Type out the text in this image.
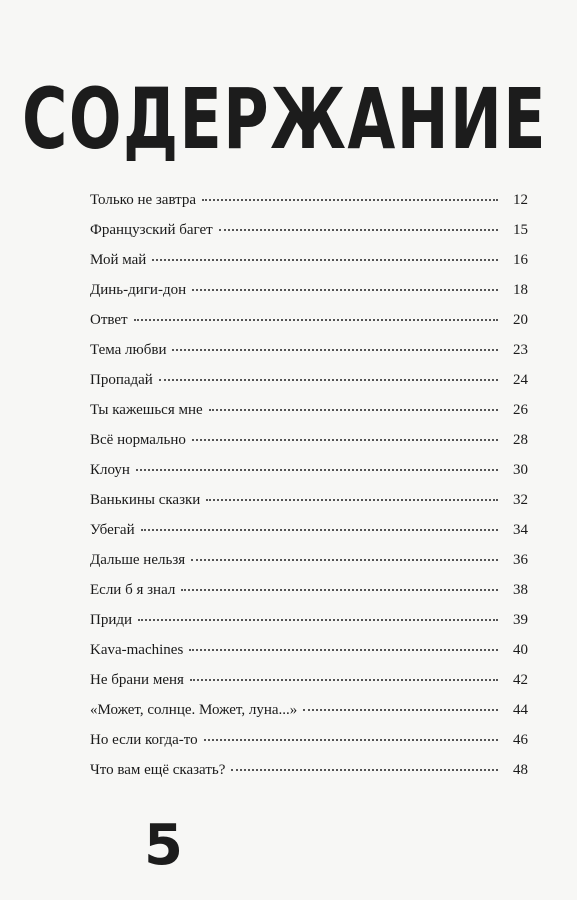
СОДЕРЖАНИЕ
Только не завтра	12
Французский багет	15
Мой май	16
Динь-диги-дон	18
Ответ	20
Тема любви	23
Пропадай	24
Ты кажешься мне	26
Всё нормально	28
Клоун	30
Ванькины сказки	32
Убегай	34
Дальше нельзя	36
Если б я знал	38
Приди	39
Kava-machines	40
Не брани меня	42
«Может, солнце. Может, луна...»	44
Но если когда-то	46
Что вам ещё сказать?	48
5
